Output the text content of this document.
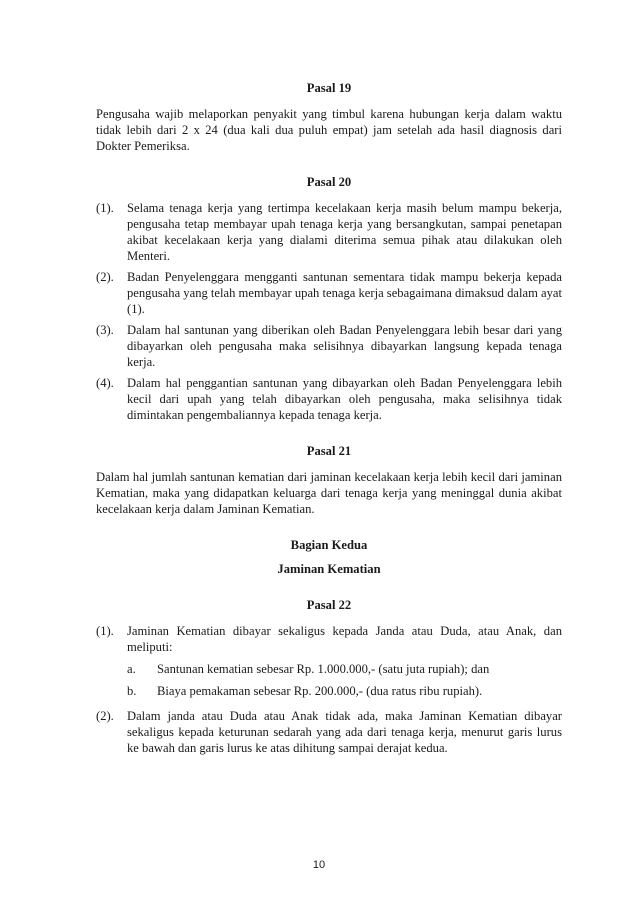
Pasal 19

Pengusaha wajib melaporkan penyakit yang timbul karena hubungan kerja dalam waktu tidak lebih dari 2 x 24 (dua kali dua puluh empat) jam setelah ada hasil diagnosis dari Dokter Pemeriksa.

Pasal 20

(1).	Selama tenaga kerja yang tertimpa kecelakaan kerja masih belum mampu bekerja, pengusaha tetap membayar upah tenaga kerja yang bersangkutan, sampai penetapan akibat kecelakaan kerja yang dialami diterima semua pihak atau dilakukan oleh Menteri.
(2).	Badan Penyelenggara mengganti santunan sementara tidak mampu bekerja kepada pengusaha yang telah membayar upah tenaga kerja sebagaimana dimaksud dalam ayat (1).
(3).	Dalam hal santunan yang diberikan oleh Badan Penyelenggara lebih besar dari yang dibayarkan oleh pengusaha maka selisihnya dibayarkan langsung kepada tenaga kerja.
(4).	Dalam hal penggantian santunan yang dibayarkan oleh Badan Penyelenggara lebih kecil dari upah yang telah dibayarkan oleh pengusaha, maka selisihnya tidak dimintakan pengembaliannya kepada tenaga kerja.

Pasal 21

Dalam hal jumlah santunan kematian dari jaminan kecelakaan kerja lebih kecil dari jaminan Kematian, maka yang didapatkan keluarga dari tenaga kerja yang meninggal dunia akibat kecelakaan kerja dalam Jaminan Kematian.

Bagian Kedua

Jaminan Kematian

Pasal 22

(1).	Jaminan Kematian dibayar sekaligus kepada Janda atau Duda, atau Anak, dan meliputi:
a.	Santunan kematian sebesar Rp. 1.000.000,- (satu juta rupiah); dan
b.	Biaya pemakaman sebesar Rp. 200.000,- (dua ratus ribu rupiah).
(2).	Dalam janda atau Duda atau Anak tidak ada, maka Jaminan Kematian dibayar sekaligus kepada keturunan sedarah yang ada dari tenaga kerja, menurut garis lurus ke bawah dan garis lurus ke atas dihitung sampai derajat kedua.
10
